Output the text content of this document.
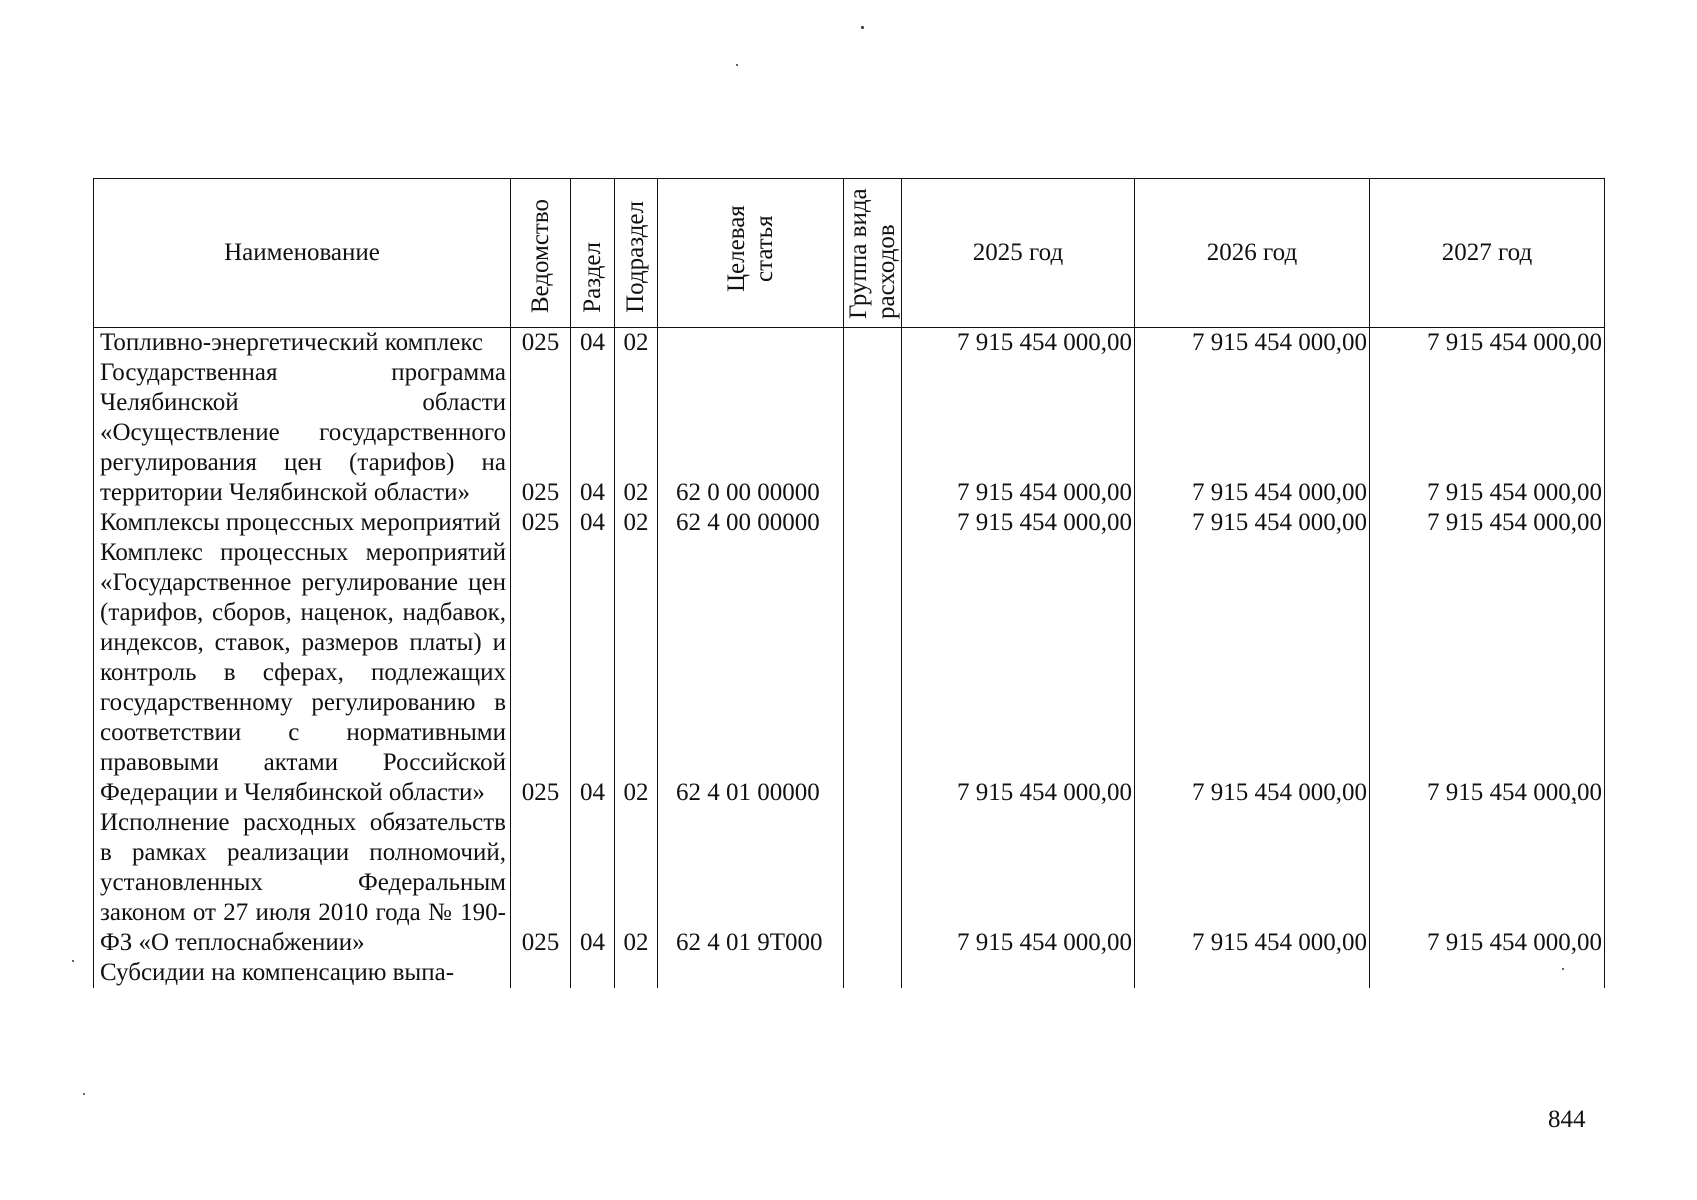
Наименование	Ведомство	Раздел	Подраздел	Целевая статья	Группа вида расходов	2025 год	2026 год	2027 год
Топливно-энергетический комплекс	025	04	02			7 915 454 000,00	7 915 454 000,00	7 915 454 000,00
Государственная программа Челябинской области «Осуществление государственного регулирования цен (тарифов) на территории Челябинской области»	025	04	02	62 0 00 00000		7 915 454 000,00	7 915 454 000,00	7 915 454 000,00
Комплексы процессных мероприятий	025	04	02	62 4 00 00000		7 915 454 000,00	7 915 454 000,00	7 915 454 000,00
Комплекс процессных мероприятий «Государственное регулирование цен (тарифов, сборов, наценок, надбавок, индексов, ставок, размеров платы) и контроль в сферах, подлежащих государственному регулированию в соответствии с нормативными правовыми актами Российской Федерации и Челябинской области»	025	04	02	62 4 01 00000		7 915 454 000,00	7 915 454 000,00	7 915 454 000,00
Исполнение расходных обязательств в рамках реализации полномочий, установленных Федеральным законом от 27 июля 2010 года № 190-ФЗ «О теплоснабжении»	025	04	02	62 4 01 9Т000		7 915 454 000,00	7 915 454 000,00	7 915 454 000,00
Субсидии на компенсацию выпа-								
844
